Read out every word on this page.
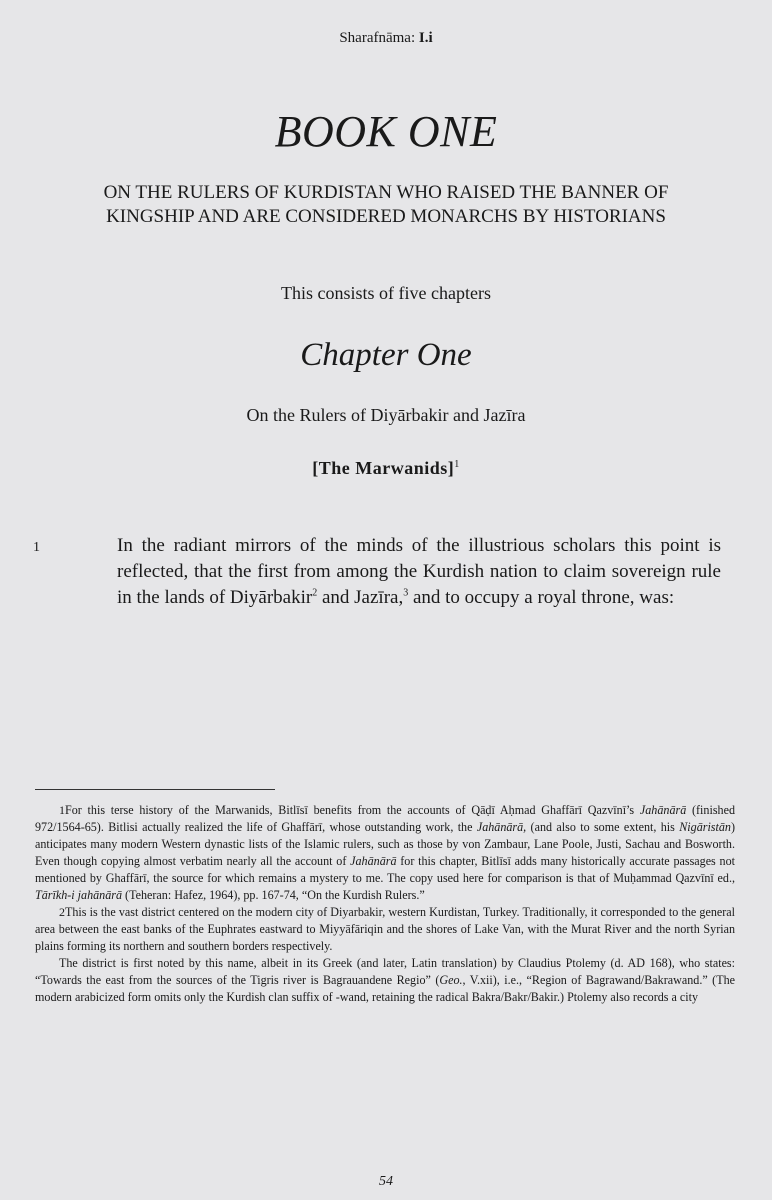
Sharafnāma: I.i
BOOK ONE
ON THE RULERS OF KURDISTAN WHO RAISED THE BANNER OF KINGSHIP AND ARE CONSIDERED MONARCHS BY HISTORIANS
This consists of five chapters
Chapter One
On the Rulers of Diyārbakir and Jazīra
[The Marwanids]$^1$
1	In the radiant mirrors of the minds of the illustrious scholars this point is reflected, that the first from among the Kurdish nation to claim sovereign rule in the lands of Diyārbakir$^2$ and Jazīra,$^3$ and to occupy a royal throne, was:

1For this terse history of the Marwanids, Bitlīsī benefits from the accounts of Qāḍī Aḥmad Ghaffārī Qazvīnī’s Jahānārā (finished 972/1564-65). Bitlisi actually realized the life of Ghaffārī, whose outstanding work, the Jahānārā, (and also to some extent, his Nigāristān) anticipates many modern Western dynastic lists of the Islamic rulers, such as those by von Zambaur, Lane Poole, Justi, Sachau and Bosworth. Even though copying almost verbatim nearly all the account of Jahānārā for this chapter, Bitlīsī adds many historically accurate passages not mentioned by Ghaffārī, the source for which remains a mystery to me. The copy used here for comparison is that of Muḥammad Qazvīnī ed., Tārīkh-i jahānārā (Teheran: Hafez, 1964), pp. 167-74, “On the Kurdish Rulers.”

2This is the vast district centered on the modern city of Diyarbakir, western Kurdistan, Turkey. Traditionally, it corresponded to the general area between the east banks of the Euphrates eastward to Miyyāfāriqin and the shores of Lake Van, with the Murat River and the north Syrian plains forming its northern and southern borders respectively.

The district is first noted by this name, albeit in its Greek (and later, Latin translation) by Claudius Ptolemy (d. AD 168), who states: “Towards the east from the sources of the Tigris river is Bagrauandene Regio” (Geo., V.xii), i.e., “Region of Bagrawand/Bakrawand.” (The modern arabicized form omits only the Kurdish clan suffix of -wand, retaining the radical Bakra/Bakr/Bakir.) Ptolemy also records a city

54
